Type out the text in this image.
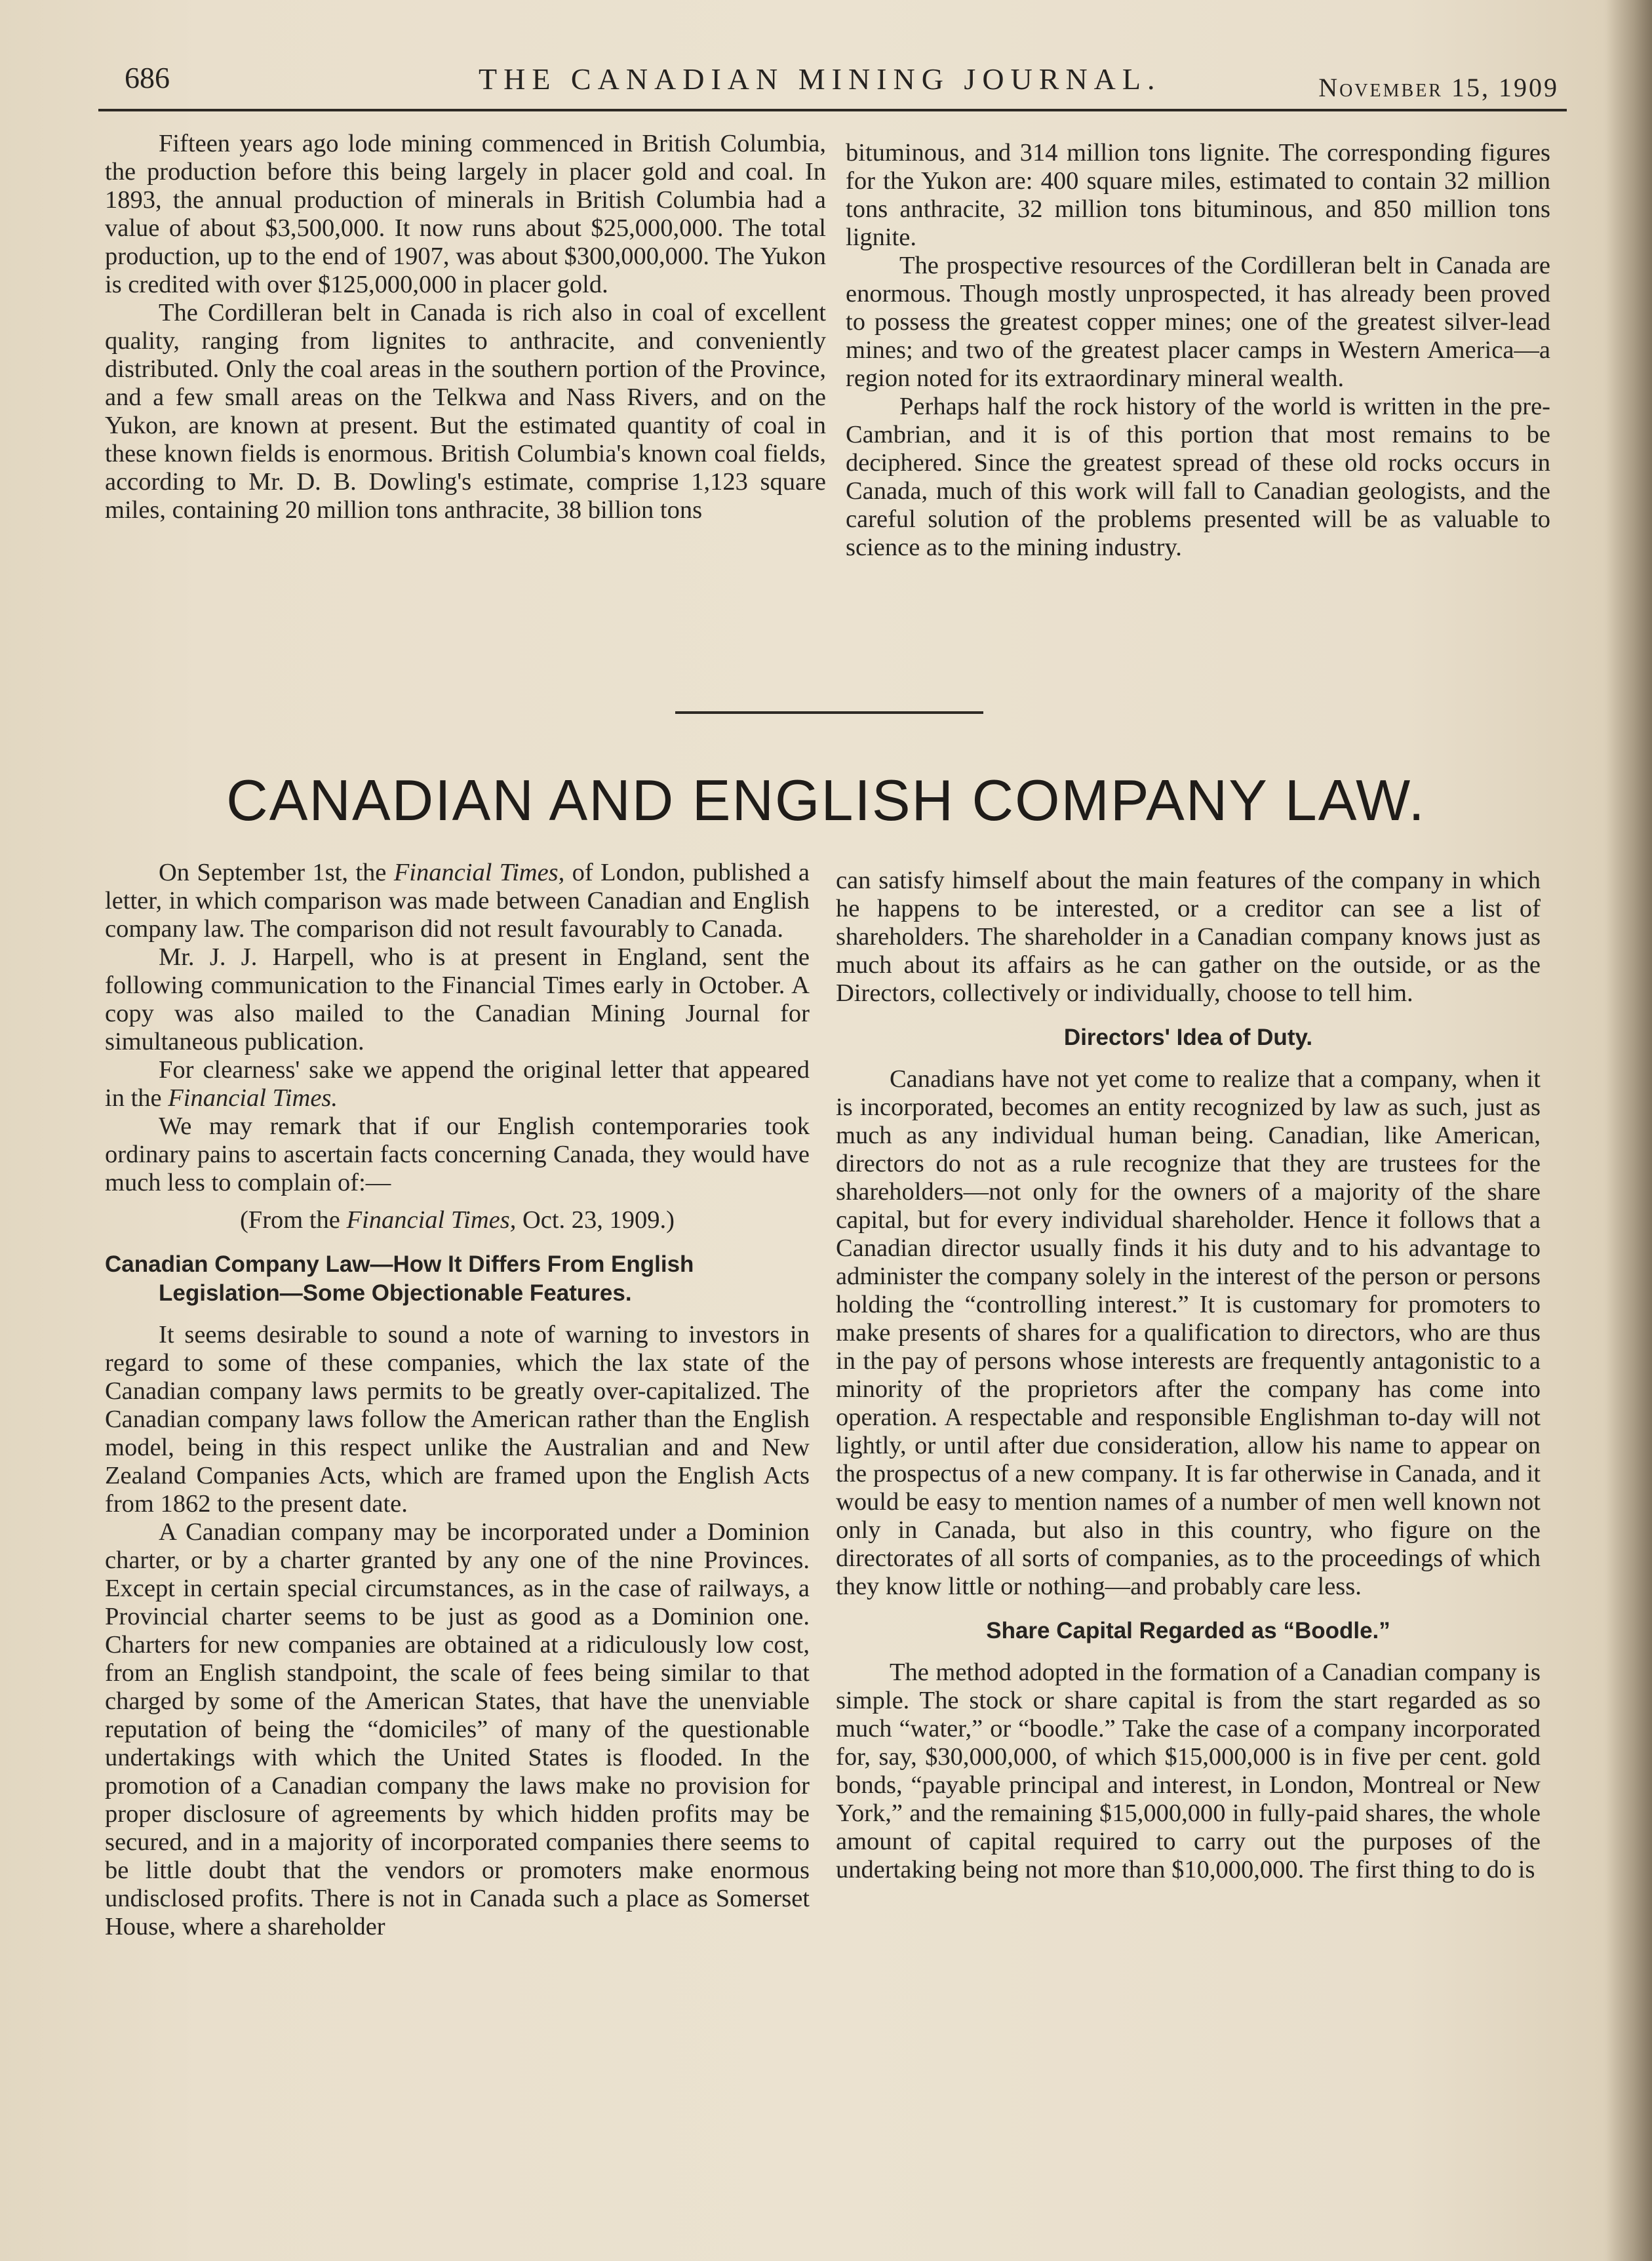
686	THE CANADIAN MINING JOURNAL.	November 15, 1909

Fifteen years ago lode mining commenced in British Columbia, the production before this being largely in placer gold and coal. In 1893, the annual production of minerals in British Columbia had a value of about $3,500,000. It now runs about $25,000,000. The total production, up to the end of 1907, was about $300,000,000. The Yukon is credited with over $125,000,000 in placer gold.

The Cordilleran belt in Canada is rich also in coal of excellent quality, ranging from lignites to anthracite, and conveniently distributed. Only the coal areas in the southern portion of the Province, and a few small areas on the Telkwa and Nass Rivers, and on the Yukon, are known at present. But the estimated quantity of coal in these known fields is enormous. British Columbia's known coal fields, according to Mr. D. B. Dowling's estimate, comprise 1,123 square miles, containing 20 million tons anthracite, 38 billion tons

bituminous, and 314 million tons lignite. The corresponding figures for the Yukon are: 400 square miles, estimated to contain 32 million tons anthracite, 32 million tons bituminous, and 850 million tons lignite.

The prospective resources of the Cordilleran belt in Canada are enormous. Though mostly unprospected, it has already been proved to possess the greatest copper mines; one of the greatest silver-lead mines; and two of the greatest placer camps in Western America—a region noted for its extraordinary mineral wealth.

Perhaps half the rock history of the world is written in the pre-Cambrian, and it is of this portion that most remains to be deciphered. Since the greatest spread of these old rocks occurs in Canada, much of this work will fall to Canadian geologists, and the careful solution of the problems presented will be as valuable to science as to the mining industry.

CANADIAN AND ENGLISH COMPANY LAW.

On September 1st, the Financial Times, of London, published a letter, in which comparison was made between Canadian and English company law. The comparison did not result favourably to Canada.

Mr. J. J. Harpell, who is at present in England, sent the following communication to the Financial Times early in October. A copy was also mailed to the Canadian Mining Journal for simultaneous publication.

For clearness' sake we append the original letter that appeared in the Financial Times.

We may remark that if our English contemporaries took ordinary pains to ascertain facts concerning Canada, they would have much less to complain of:—

(From the Financial Times, Oct. 23, 1909.)

Canadian Company Law—How It Differs From English
Legislation—Some Objectionable Features.

It seems desirable to sound a note of warning to investors in regard to some of these companies, which the lax state of the Canadian company laws permits to be greatly over-capitalized. The Canadian company laws follow the American rather than the English model, being in this respect unlike the Australian and and New Zealand Companies Acts, which are framed upon the English Acts from 1862 to the present date.

A Canadian company may be incorporated under a Dominion charter, or by a charter granted by any one of the nine Provinces. Except in certain special circumstances, as in the case of railways, a Provincial charter seems to be just as good as a Dominion one. Charters for new companies are obtained at a ridiculously low cost, from an English standpoint, the scale of fees being similar to that charged by some of the American States, that have the unenviable reputation of being the “domiciles” of many of the questionable undertakings with which the United States is flooded. In the promotion of a Canadian company the laws make no provision for proper disclosure of agreements by which hidden profits may be secured, and in a majority of incorporated companies there seems to be little doubt that the vendors or promoters make enormous undisclosed profits. There is not in Canada such a place as Somerset House, where a shareholder

can satisfy himself about the main features of the company in which he happens to be interested, or a creditor can see a list of shareholders. The shareholder in a Canadian company knows just as much about its affairs as he can gather on the outside, or as the Directors, collectively or individually, choose to tell him.

Directors' Idea of Duty.

Canadians have not yet come to realize that a company, when it is incorporated, becomes an entity recognized by law as such, just as much as any individual human being. Canadian, like American, directors do not as a rule recognize that they are trustees for the shareholders—not only for the owners of a majority of the share capital, but for every individual shareholder. Hence it follows that a Canadian director usually finds it his duty and to his advantage to administer the company solely in the interest of the person or persons holding the “controlling interest.” It is customary for promoters to make presents of shares for a qualification to directors, who are thus in the pay of persons whose interests are frequently antagonistic to a minority of the proprietors after the company has come into operation. A respectable and responsible Englishman to-day will not lightly, or until after due consideration, allow his name to appear on the prospectus of a new company. It is far otherwise in Canada, and it would be easy to mention names of a number of men well known not only in Canada, but also in this country, who figure on the directorates of all sorts of companies, as to the proceedings of which they know little or nothing—and probably care less.

Share Capital Regarded as “Boodle.”

The method adopted in the formation of a Canadian company is simple. The stock or share capital is from the start regarded as so much “water,” or “boodle.” Take the case of a company incorporated for, say, $30,000,000, of which $15,000,000 is in five per cent. gold bonds, “payable principal and interest, in London, Montreal or New York,” and the remaining $15,000,000 in fully-paid shares, the whole amount of capital required to carry out the purposes of the undertaking being not more than $10,000,000. The first thing to do is
